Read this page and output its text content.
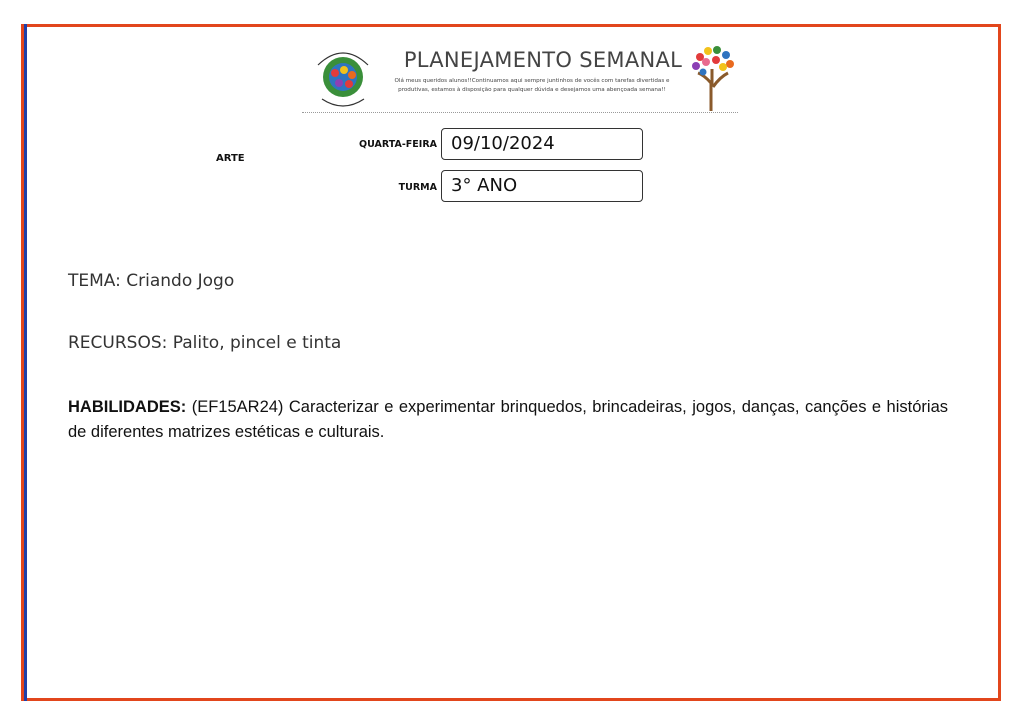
PLANEJAMENTO SEMANAL
Olá meus queridos alunos!!Continuamos aqui sempre juntinhos de vocês com tarefas divertidas e produtivas, estamos à disposição para qualquer dúvida e desejamos uma abençoada semana!!
ARTE
QUARTA-FEIRA 09/10/2024
TURMA 3° ANO
TEMA: Criando Jogo
RECURSOS: Palito, pincel e tinta
HABILIDADES: (EF15AR24) Caracterizar e experimentar brinquedos, brincadeiras, jogos, danças, canções e histórias de diferentes matrizes estéticas e culturais.
